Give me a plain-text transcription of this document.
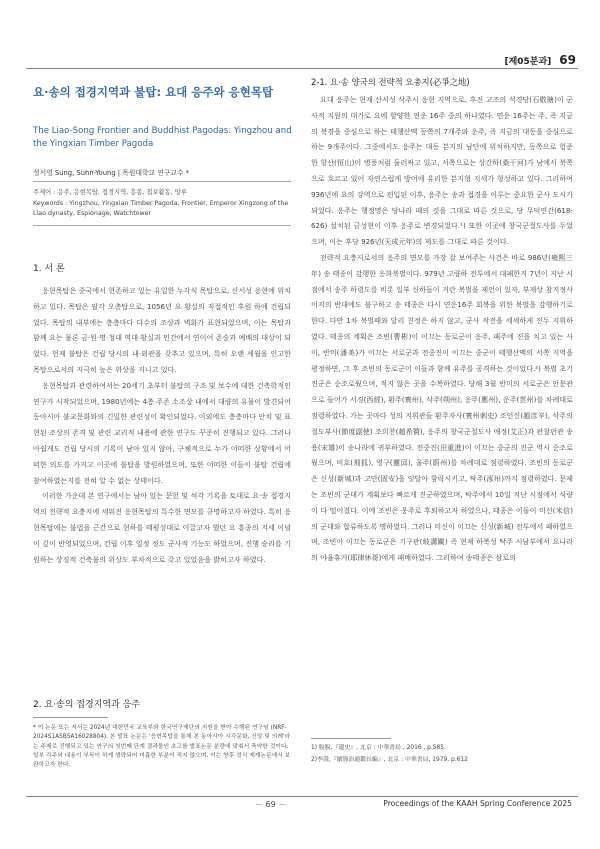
[제05분과] 69
요·송의 접경지역과 불탑: 요대 응주와 응현목탑

The Liao-Song Frontier and Buddhist Pagodas: Yingzhou and the Yingxian Timber Pagoda

성서영 Sung, Suhn-Young | 목원대학교 연구교수 *
주제어 : 응주, 응현목탑, 접경지역, 흥종, 첩보활동, 망루
Keywords : Yingzhou, Yingxian Timber Pagoda, Frontier, Emperor Xingzong of the Liao dynasty, Espionage, Watchtower
1. 서 론

응현목탑은 중국에서 현존하고 있는 유일한 누각식 목탑으로, 산서성 응현에 위치하고 있다. 목탑은 팔각 오층탑으로, 1056년 요 황실의 직접적인 후원 하에 건립되었다. 목탑의 내부에는 층층마다 다수의 조상과 벽화가 표현되었으며, 이는 목탑과 함께 요는 물론 금·원·명·청대 역대 황실과 민간에서 연이어 존숭과 예배의 대상이 되었다. 현재 불탑은 건립 당시의 내·외관을 갖추고 있으며, 특히 오랜 세월을 인고한 목탑으로서의 지극히 높은 위상을 지니고 있다.

응현목탑과 관련하여서는 20세기 초부터 불탑의 구조 및 보수에 대한 건축학적인 연구가 시작되었으며, 1980년에는 4층 주존 소조상 내에서 대량의 유물이 발견되어 동아시아 불교문화와의 긴밀한 관련성이 확인되었다. 이외에도 층층마다 안치 및 표현된 조상의 존격 및 관련 교리적 내용에 관한 연구도 꾸준히 진행되고 있다. 그러나 아쉽게도 건립 당시의 기록이 남아 있지 않아, 구체적으로 누가 어떠한 상황에서 어떠한 의도를 가지고 이곳에 불탑을 발원하였으며, 또한 어떠한 이들이 불탑 건립에 참여하였는지를 전혀 알 수 없는 상태이다.

이러한 가운데 본 연구에서는 남아 있는 문헌 및 석각 기록을 토대로 요·송 접경지역의 전략적 요충지에 세워진 응현목탑의 특수한 면모를 규명하고자 하였다. 특히 응현목탑에는 불법을 근간으로 현하를 태평성대로 이끌고자 했던 요 흥종의 지세 이념이 깊이 반영되었으며, 건립 이후 일정 정도 군사적 기능도 하였으며, 진행 승리를 기원하는 상징적 건축물의 위상도 부차적으로 갖고 있었음을 밝히고자 하였다.

2. 요·송의 접경지역과 응주

* 이 논문 또는 저서는 2024년 대한민국 교육부와 한국연구재단의 지원을 받아 수행된 연구임 (NRF-2024S1A5B5A16028804). 본 발표 논문은 '응현목탑을 통해 본 동아시아 시각문화, 신앙 및 의례'라는 주제로 진행되고 있는 연구의 첫번째 단계 결과물인 초고를 발표논문 분량에 맞춰서 축약한 것이다. 일부 각주와 내용이 부득이 하게 생략되어 미흡한 부분이 적지 않으며, 이는 향후 정식 게재논문에서 보완하고자 한다.

2-1. 요·송 양국의 전략적 요충지(必爭之地)

요대 응주는 현재 산서성 삭주시 응현 지역으로, 후진 고조의 석경당(石敬瑭)이 군사적 지원의 대가로 요에 할양한 연운 16주 중의 하나였다. 연운 16주는 주, 즉 지금의 북경을 중심으로 하는 태행산맥 동쪽의 7개주와 운주, 즉 지금의 대동을 중심으로 하는 9개주이다. 그중에서도 응주는 대동 분지의 남단에 위치하지만, 동쪽으로 험준한 항산(恒山)이 병풍처럼 둘러싸고 있고, 서쪽으로는 상간하(桑干河)가 남에서 북쪽으로 흐르고 있어 자연스럽게 방어에 유리한 분지형 지세가 형성하고 있다. 그리하여 936년에 요의 강역으로 편입된 이후, 응주는 송과 접경을 이루는 중요한 군사 도시가 되었다. 응주는 행정명은 당나라 때의 것을 그대로 따른 것으로, 당 무덕연간(618-626) 설치된 금성현이 이후 응주로 변경되었다.¹) 또한 이곳에 창국군절도사를 두었으며, 이는 후당 926년(天成元年)의 제도를 그대로 따른 것이다.

전략적 요충지로서의 응주의 면모를 가장 잘 보여주는 사건은 바로 986년(雍熙三年) 송 태종이 감행한 옹희북벌이다. 979년 고량하 전투에서 대패한지 7년이 지난 시점에서 송주 하령도를 비롯 일부 신하들이 거란 북벌을 제언이 있자, 부재상 참지정사 이지의 반대에도 불구하고 송 태종은 다시 연운16주 회복을 위한 북벌을 감행하기로 한다. 다만 1차 북벌때와 달리 친정은 하지 않고, 군사 작전을 세세하게 진두 지휘하였다. 태종의 계획은 조빈(曹彬)이 이끄는 동로군이 응주, 패주에 진을 치고 있는 사이, 반미(潘美)가 이끄는 서로군과 전중진이 이끄는 중군이 태행산맥의 서쪽 지역을 평정하면, 그 후 조빈의 동로군이 이들과 함께 유주를 공격하는 것이었다.²) 북벌 초기 진군은 순조로웠으며, 적지 않은 곳을 수복하였다. 당해 3월 반미의 서로군은 안문관으로 들어가 서경(西經), 환주(寰州), 삭주(朔州), 응주(應州), 운주(雲州)를 차례대로 점령하였다. 가는 곳마다 성의 지휘관들 환주자사(寰州刺史) 조언신(趙彦辛), 삭주의 절도부사(節度副使) 조희찬(趙希贊), 응주의 창국군절도사 애정(艾正)과 관찰판관 송용(宋雄)이 송나라에 귀부하였다. 전중진(田重進)이 이끄는 중군의 진군 역시 순조로웠으며, 비호(飛狐), 영구(靈邱), 울주(蔚州)를 차례대로 점령하였다. 조빈의 동로군은 신성(新城)과 고안(固安)을 잇달아 함락시키고, 탁주(涿州)까지 점령하였다. 문제는 조빈의 군대가 계획보다 빠르게 진군하였으며, 탁주에서 10일 지난 시점에서 식량이 다 떨어졌다. 이에 조빈은 웅주로 후퇴하고자 하였으나, 태종은 이들이 미신(米信)의 군대와 합류하도록 명하였다. 그러나 미신이 이끄는 신성(新城) 전투에서 패하였으며, 조빈이 이끄는 동로군은 기구관(岐溝關) 즉 현재 하북성 탁주 시남부에서 요나라의 야율휴거(耶律休哥)에게 패배하였다. 그리하여 송태종은 삼로의

1) 脫脫,『遼史』, 北京 : 中華書局 , 2016 , p.585.
2)李燾,『續資治通鑑長編』, 北京 : 中華書局, 1979, p.612
－ 69 －	Proceedings of the KAAH Spring Conference 2025
